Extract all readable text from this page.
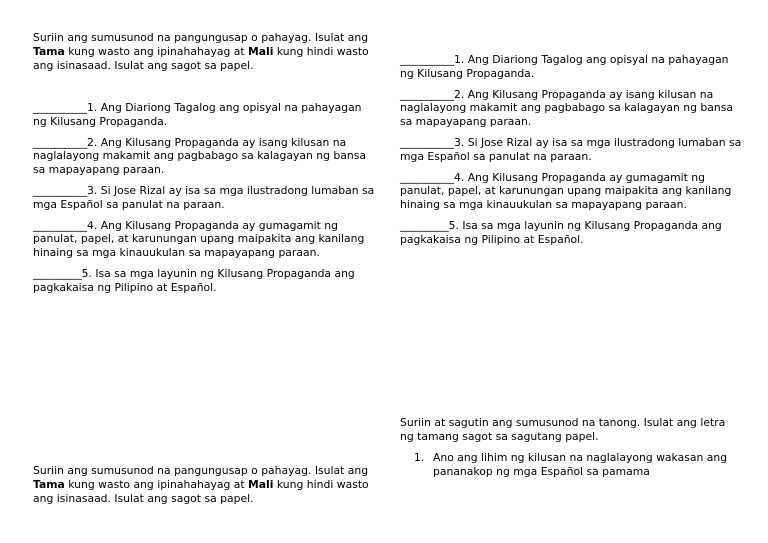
Suriin ang sumusunod na pangungusap o pahayag. Isulat ang Tama kung wasto ang ipinahahayag at Mali kung hindi wasto ang isinasaad. Isulat ang sagot sa papel.
__________1. Ang Diariong Tagalog ang opisyal na pahayagan ng Kilusang Propaganda.
__________2. Ang Kilusang Propaganda ay isang kilusan na naglalayong makamit ang pagbabago sa kalagayan ng bansa sa mapayapang paraan.
__________3. Si Jose Rizal ay isa sa mga ilustradong lumaban sa mga Español sa panulat na paraan.
__________4. Ang Kilusang Propaganda ay gumagamit ng panulat, papel, at karunungan upang maipakita ang kanilang hinaing sa mga kinauukulan sa mapayapang paraan.
_________5. Isa sa mga layunin ng Kilusang Propaganda ang pagkakaisa ng Pilipino at Español.
__________1. Ang Diariong Tagalog ang opisyal na pahayagan ng Kilusang Propaganda.
__________2. Ang Kilusang Propaganda ay isang kilusan na naglalayong makamit ang pagbabago sa kalagayan ng bansa sa mapayapang paraan.
__________3. Si Jose Rizal ay isa sa mga ilustradong lumaban sa mga Español sa panulat na paraan.
__________4. Ang Kilusang Propaganda ay gumagamit ng panulat, papel, at karunungan upang maipakita ang kanilang hinaing sa mga kinauukulan sa mapayapang paraan.
_________5. Isa sa mga layunin ng Kilusang Propaganda ang pagkakaisa ng Pilipino at Español.
Suriin at sagutin ang sumusunod na tanong. Isulat ang letra ng tamang sagot sa sagutang papel.
1. Ano ang lihim ng kilusan na naglalayong wakasan ang pananakop ng mga Español sa pamama
Suriin ang sumusunod na pangungusap o pahayag. Isulat ang Tama kung wasto ang ipinahahayag at Mali kung hindi wasto ang isinasaad. Isulat ang sagot sa papel.
